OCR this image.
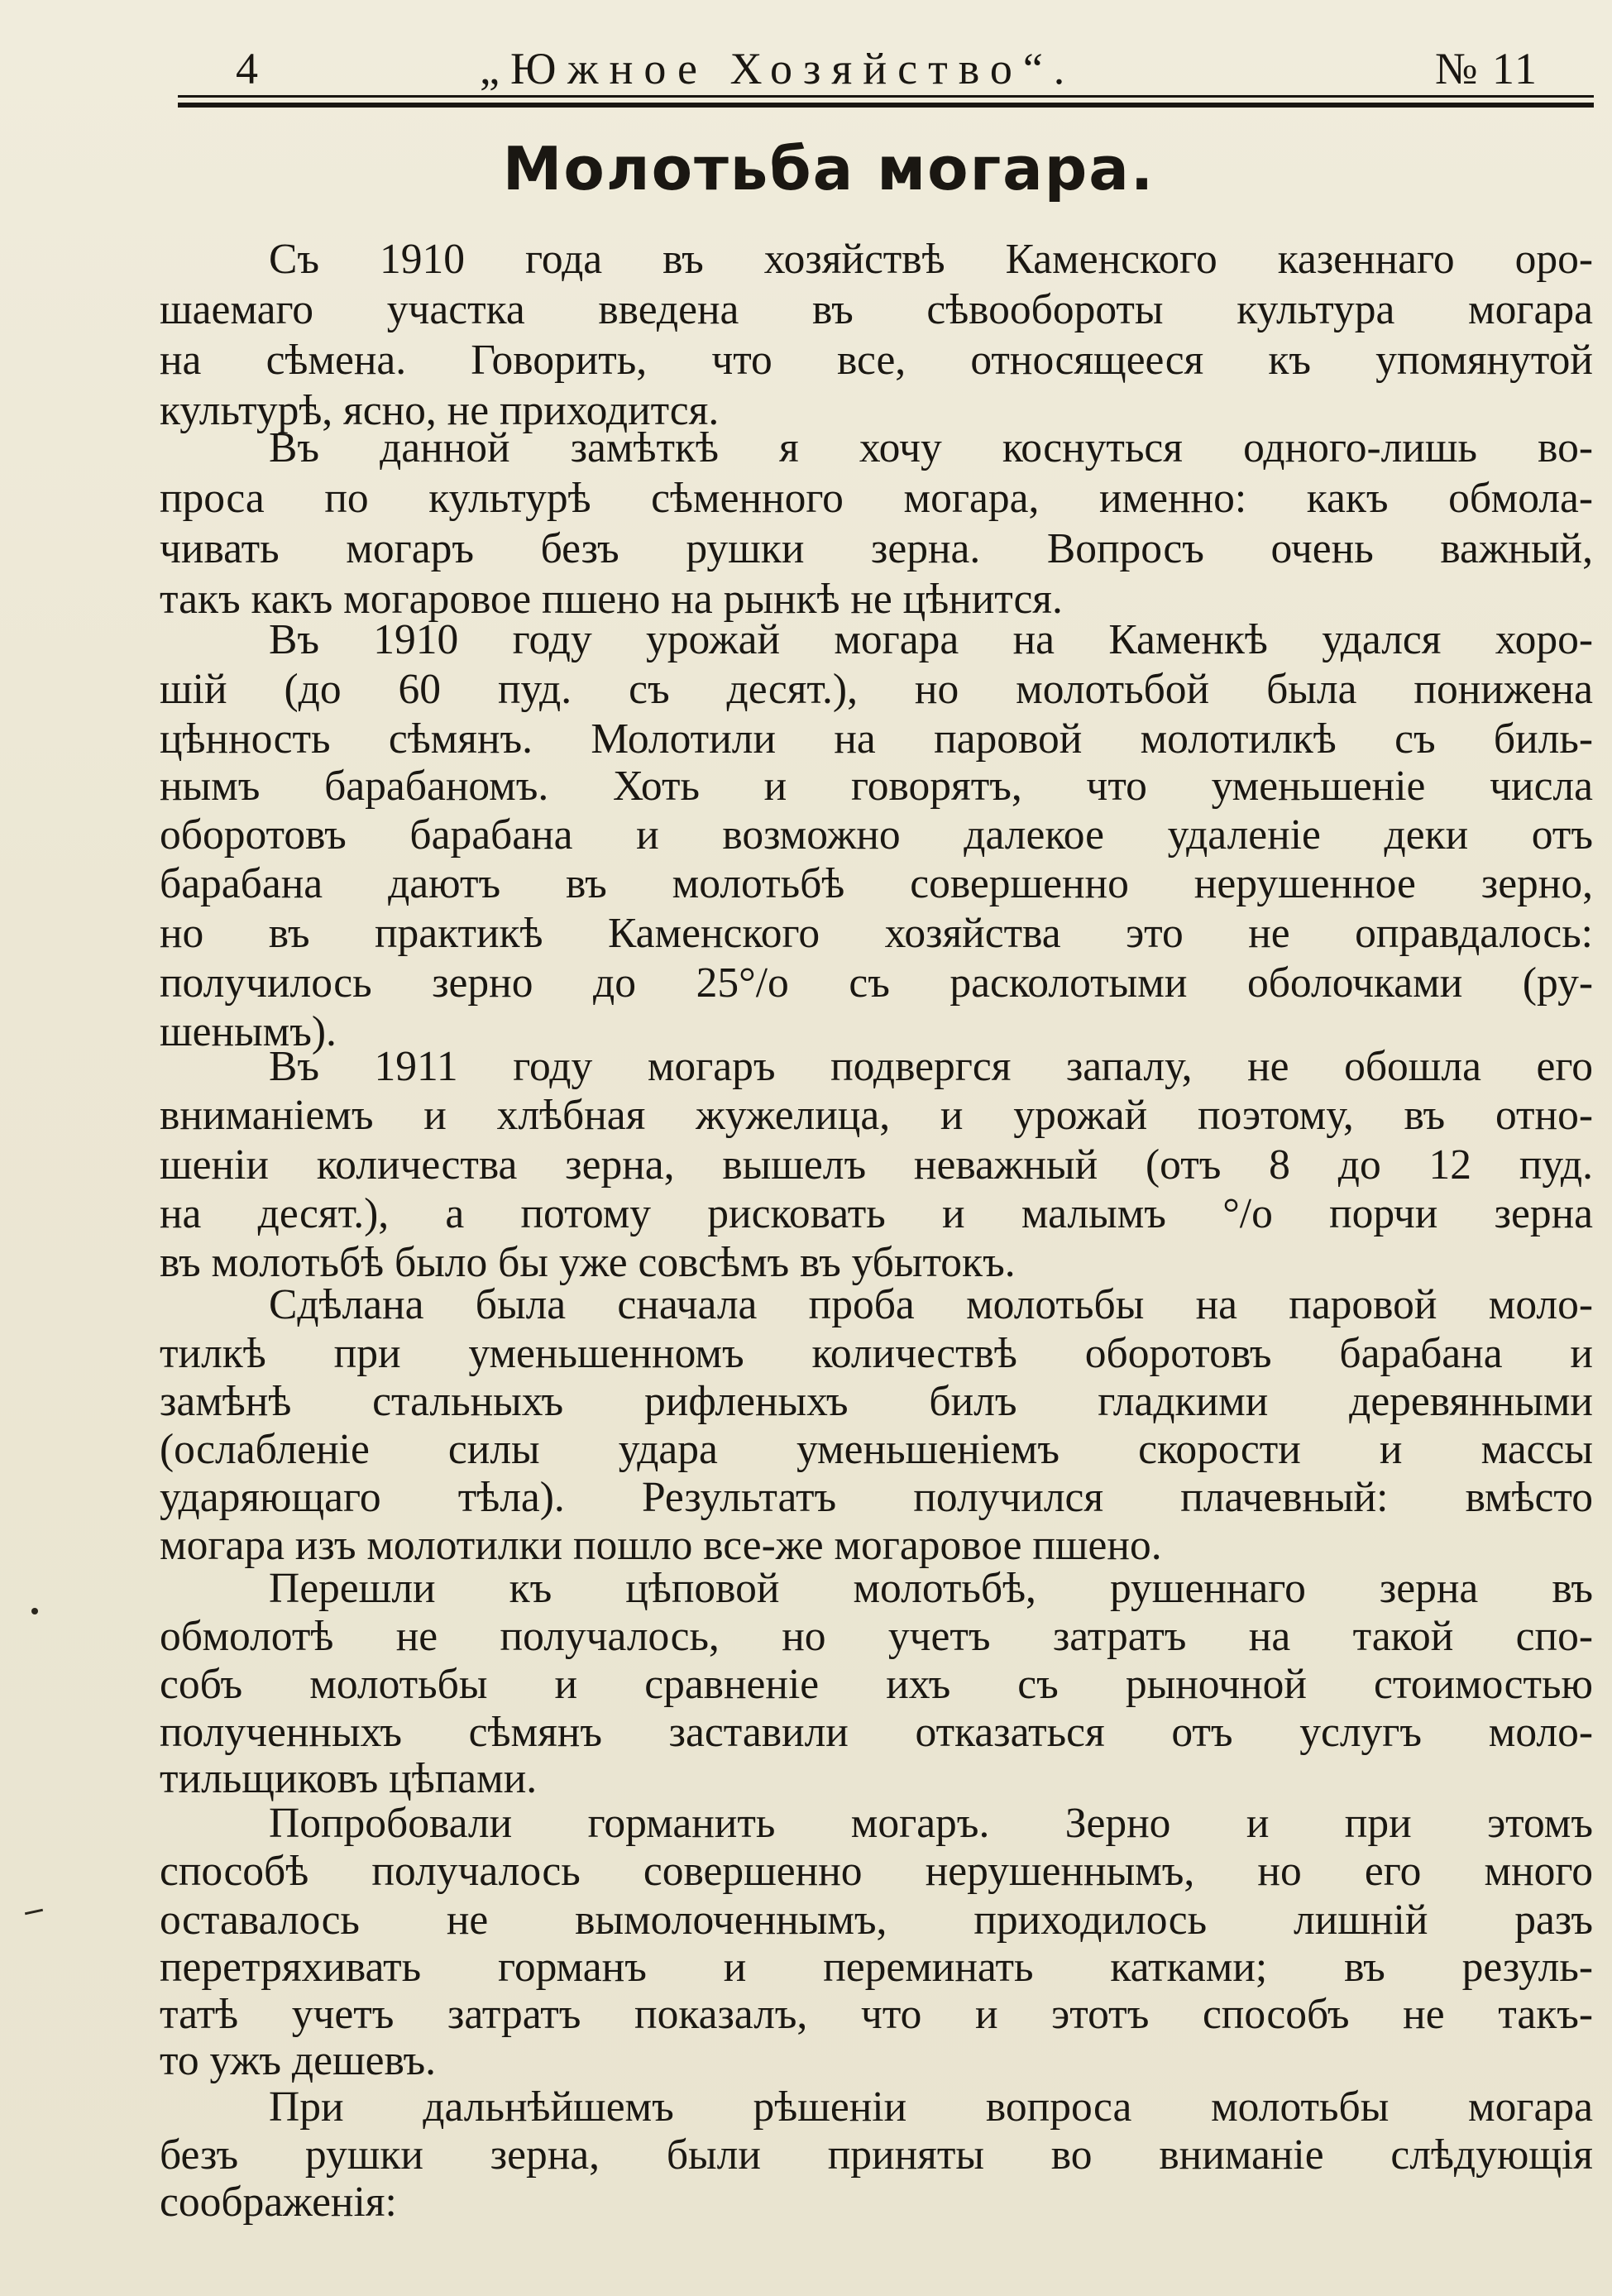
4	„Южное Хозяйство“.	№ 11
Молотьба могара.
Съ 1910 года въ хозяйствѣ Каменского казеннаго оро-
шаемаго участка введена въ сѣвообороты культура могара
на сѣмена. Говорить, что все, относящееся къ упомянутой
культурѣ, ясно, не приходится.
Въ данной замѣткѣ я хочу коснуться одного-лишь во-
проса по культурѣ сѣменного могара, именно: какъ обмола-
чивать могаръ безъ рушки зерна. Вопросъ очень важный,
такъ какъ могаровое пшено на рынкѣ не цѣнится.
Въ 1910 году урожай могара на Каменкѣ удался хоро-
шій (до 60 пуд. съ десят.), но молотьбой была понижена
цѣнность сѣмянъ. Молотили на паровой молотилкѣ съ биль-
нымъ барабаномъ. Хоть и говорятъ, что уменьшеніе числа
оборотовъ барабана и возможно далекое удаленіе деки отъ
барабана даютъ въ молотьбѣ совершенно нерушенное зерно,
но въ практикѣ Каменского хозяйства это не оправдалось:
получилось зерно до 25°/о съ расколотыми оболочками (ру-
шенымъ).
Въ 1911 году могаръ подвергся запалу, не обошла его
вниманіемъ и хлѣбная жужелица, и урожай поэтому, въ отно-
шеніи количества зерна, вышелъ неважный (отъ 8 до 12 пуд.
на десят.), а потому рисковать и малымъ °/о порчи зерна
въ молотьбѣ было бы уже совсѣмъ въ убытокъ.
Сдѣлана была сначала проба молотьбы на паровой моло-
тилкѣ при уменьшенномъ количествѣ оборотовъ барабана и
замѣнѣ стальныхъ рифленыхъ билъ гладкими деревянными
(ослабленіе силы удара уменьшеніемъ скорости и массы
ударяющаго тѣла). Результатъ получился плачевный: вмѣсто
могара изъ молотилки пошло все-же могаровое пшено.
Перешли къ цѣповой молотьбѣ, рушеннаго зерна въ
обмолотѣ не получалось, но учетъ затратъ на такой спо-
собъ молотьбы и сравненіе ихъ съ рыночной стоимостью
полученныхъ сѣмянъ заставили отказаться отъ услугъ моло-
тильщиковъ цѣпами.
Попробовали горманить могаръ. Зерно и при этомъ
способѣ получалось совершенно нерушеннымъ, но его много
оставалось не вымолоченнымъ, приходилось лишній разъ
перетряхивать горманъ и переминать катками; въ резуль-
татѣ учетъ затратъ показалъ, что и этотъ способъ не такъ-
то ужъ дешевъ.
При дальнѣйшемъ рѣшеніи вопроса молотьбы могара
безъ рушки зерна, были приняты во вниманіе слѣдующія
соображенія:
